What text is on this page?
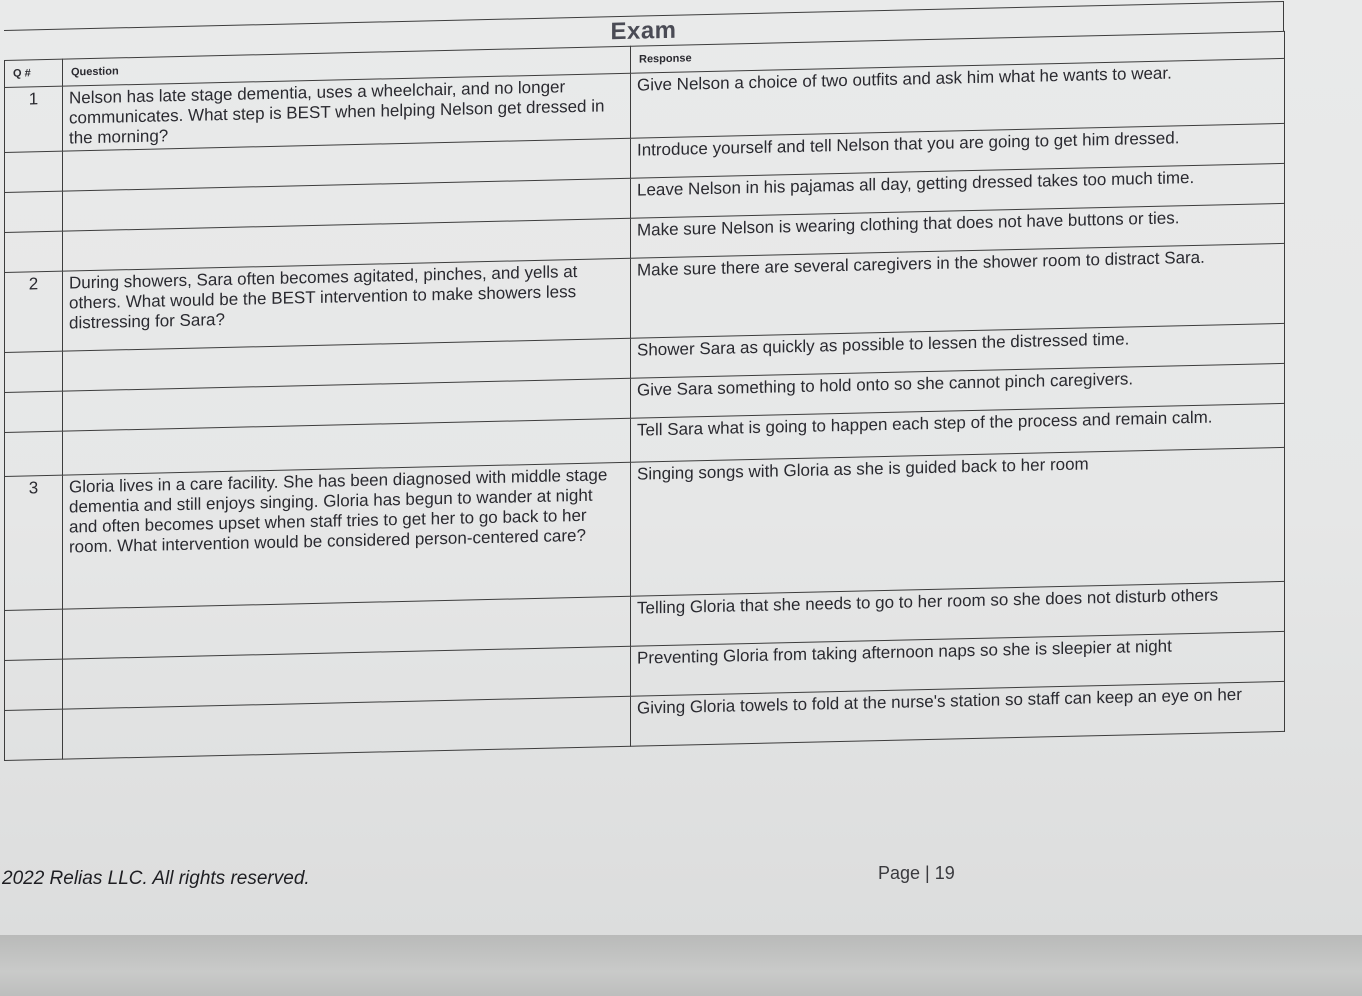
Exam
Q #	Question	Response
1	Nelson has late stage dementia, uses a wheelchair, and no longer communicates. What step is BEST when helping Nelson get dressed in the morning?	Give Nelson a choice of two outfits and ask him what he wants to wear.
		Introduce yourself and tell Nelson that you are going to get him dressed.
		Leave Nelson in his pajamas all day, getting dressed takes too much time.
		Make sure Nelson is wearing clothing that does not have buttons or ties.
2	During showers, Sara often becomes agitated, pinches, and yells at others. What would be the BEST intervention to make showers less distressing for Sara?	Make sure there are several caregivers in the shower room to distract Sara.
		Shower Sara as quickly as possible to lessen the distressed time.
		Give Sara something to hold onto so she cannot pinch caregivers.
		Tell Sara what is going to happen each step of the process and remain calm.
3	Gloria lives in a care facility. She has been diagnosed with middle stage dementia and still enjoys singing. Gloria has begun to wander at night and often becomes upset when staff tries to get her to go back to her room. What intervention would be considered person-centered care?	Singing songs with Gloria as she is guided back to her room
		Telling Gloria that she needs to go to her room so she does not disturb others
		Preventing Gloria from taking afternoon naps so she is sleepier at night
		Giving Gloria towels to fold at the nurse's station so staff can keep an eye on her
2022 Relias LLC. All rights reserved.	Page | 19
